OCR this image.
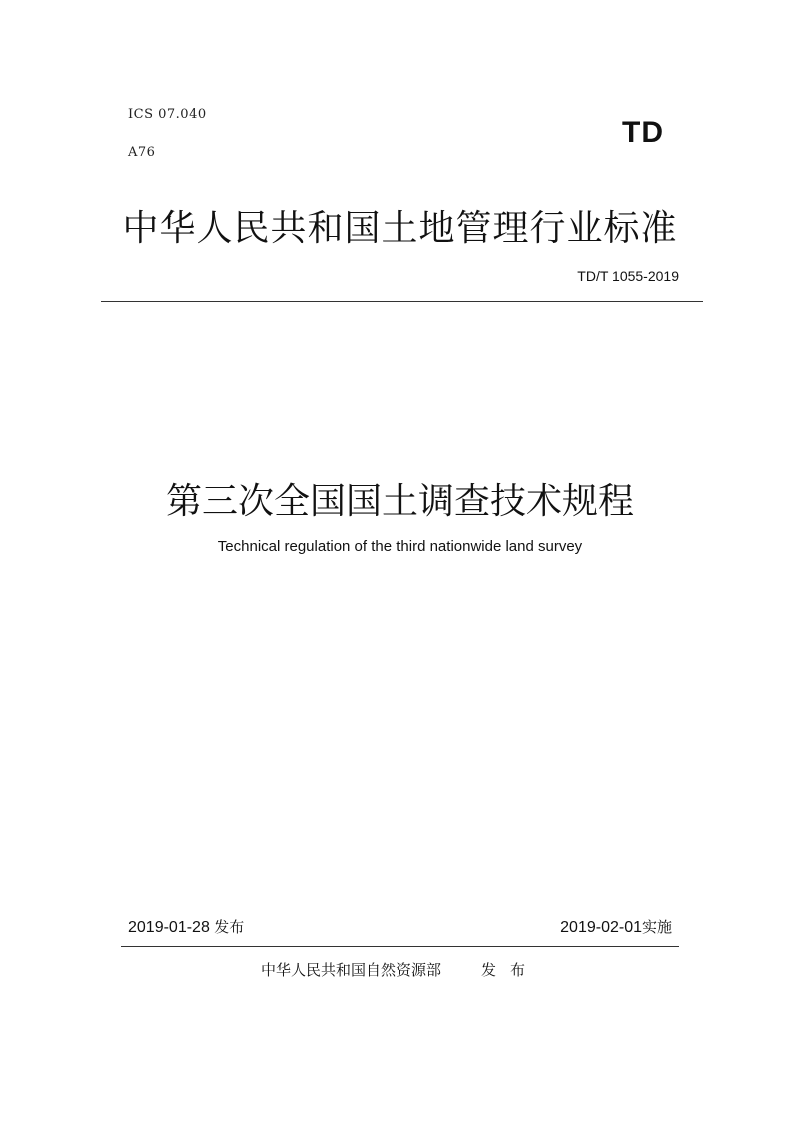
ICS 07.040
A76
TD
中华人民共和国土地管理行业标准
TD/T 1055-2019
第三次全国国土调查技术规程
Technical regulation of the third nationwide land survey
2019-01-28 发布	2019-02-01实施
中华人民共和国自然资源部	发布
